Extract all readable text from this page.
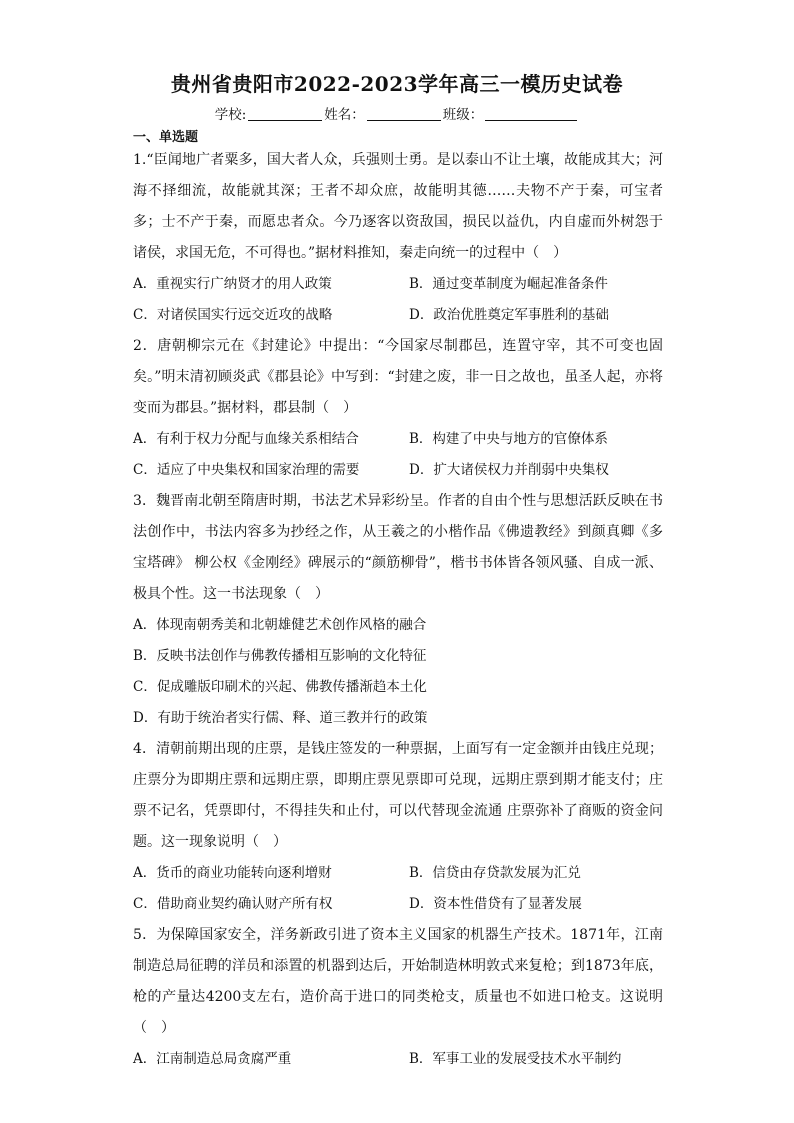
贵州省贵阳市2022-2023学年高三一模历史试卷
学校:	姓名：	班级：
一、单选题
1.“臣闻地广者粟多，国大者人众，兵强则士勇。是以泰山不让土壤，故能成其大；河海不择细流，故能就其深；王者不却众庶，故能明其德……夫物不产于秦，可宝者多；士不产于秦，而愿忠者众。今乃逐客以资敌国，损民以益仇，内自虚而外树怨于诸侯，求国无危，不可得也。”据材料推知，秦走向统一的过程中（　）
A．重视实行广纳贤才的用人政策	B．通过变革制度为崛起准备条件
C．对诸侯国实行远交近攻的战略	D．政治优胜奠定军事胜利的基础
2．唐朝柳宗元在《封建论》中提出：“今国家尽制郡邑，连置守宰，其不可变也固矣。”明末清初顾炎武《郡县论》中写到：“封建之废，非一日之故也，虽圣人起，亦将变而为郡县。”据材料，郡县制（　）
A．有利于权力分配与血缘关系相结合	B．构建了中央与地方的官僚体系
C．适应了中央集权和国家治理的需要	D．扩大诸侯权力并削弱中央集权
3．魏晋南北朝至隋唐时期，书法艺术异彩纷呈。作者的自由个性与思想活跃反映在书法创作中，书法内容多为抄经之作，从王羲之的小楷作品《佛遗教经》到颜真卿《多宝塔碑》 柳公权《金刚经》碑展示的“颜筋柳骨”，楷书书体皆各领风骚、自成一派、极具个性。这一书法现象（　）
A．体现南朝秀美和北朝雄健艺术创作风格的融合
B．反映书法创作与佛教传播相互影响的文化特征
C．促成雕版印刷术的兴起、佛教传播渐趋本土化
D．有助于统治者实行儒、释、道三教并行的政策
4．清朝前期出现的庄票，是钱庄签发的一种票据，上面写有一定金额并由钱庄兑现；庄票分为即期庄票和远期庄票，即期庄票见票即可兑现，远期庄票到期才能支付；庄票不记名，凭票即付，不得挂失和止付，可以代替现金流通 庄票弥补了商贩的资金问题。这一现象说明（　）
A．货币的商业功能转向逐利增财	B．信贷由存贷款发展为汇兑
C．借助商业契约确认财产所有权	D．资本性借贷有了显著发展
5．为保障国家安全，洋务新政引进了资本主义国家的机器生产技术。1871年，江南制造总局征聘的洋员和添置的机器到达后，开始制造林明敦式来复枪；到1873年底，枪的产量达4200支左右，造价高于进口的同类枪支，质量也不如进口枪支。这说明（　）
A．江南制造总局贪腐严重	B．军事工业的发展受技术水平制约
